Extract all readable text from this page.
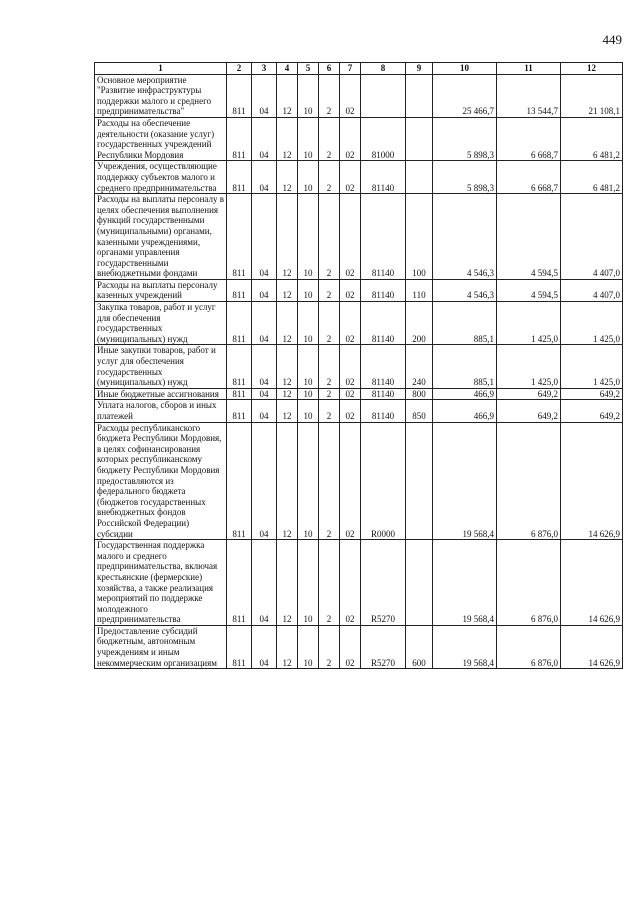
449
1	2	3	4	5	6	7	8	9	10	11	12
Основное мероприятие "Развитие инфраструктуры поддержки малого и среднего предпринимательства"	811	04	12	10	2	02			25 466,7	13 544,7	21 108,1
Расходы на обеспечение деятельности (оказание услуг) государственных учреждений Республики Мордовия	811	04	12	10	2	02	81000		5 898,3	6 668,7	6 481,2
Учреждения, осуществляющие поддержку субъектов малого и среднего предпринимательства	811	04	12	10	2	02	81140		5 898,3	6 668,7	6 481,2
Расходы на выплаты персоналу в целях обеспечения выполнения функций государственными (муниципальными) органами, казенными учреждениями, органами управления государственными внебюджетными фондами	811	04	12	10	2	02	81140	100	4 546,3	4 594,5	4 407,0
Расходы на выплаты персоналу казенных учреждений	811	04	12	10	2	02	81140	110	4 546,3	4 594,5	4 407,0
Закупка товаров, работ и услуг для обеспечения государственных (муниципальных) нужд	811	04	12	10	2	02	81140	200	885,1	1 425,0	1 425,0
Иные закупки товаров, работ и услуг для обеспечения государственных (муниципальных) нужд	811	04	12	10	2	02	81140	240	885,1	1 425,0	1 425,0
Иные бюджетные ассигнования	811	04	12	10	2	02	81140	800	466,9	649,2	649,2
Уплата налогов, сборов и иных платежей	811	04	12	10	2	02	81140	850	466,9	649,2	649,2
Расходы республиканского бюджета Республики Мордовия, в целях софинансирования которых республиканскому бюджету Республики Мордовия предоставляются из федерального бюджета (бюджетов государственных внебюджетных фондов Российской Федерации) субсидии	811	04	12	10	2	02	R0000		19 568,4	6 876,0	14 626,9
Государственная поддержка малого и среднего предпринимательства, включая крестьянские (фермерские) хозяйства, а также реализация мероприятий по поддержке молодежного предпринимательства	811	04	12	10	2	02	R5270		19 568,4	6 876,0	14 626,9
Предоставление субсидий бюджетным, автономным учреждениям и иным некоммерческим организациям	811	04	12	10	2	02	R5270	600	19 568,4	6 876,0	14 626,9
